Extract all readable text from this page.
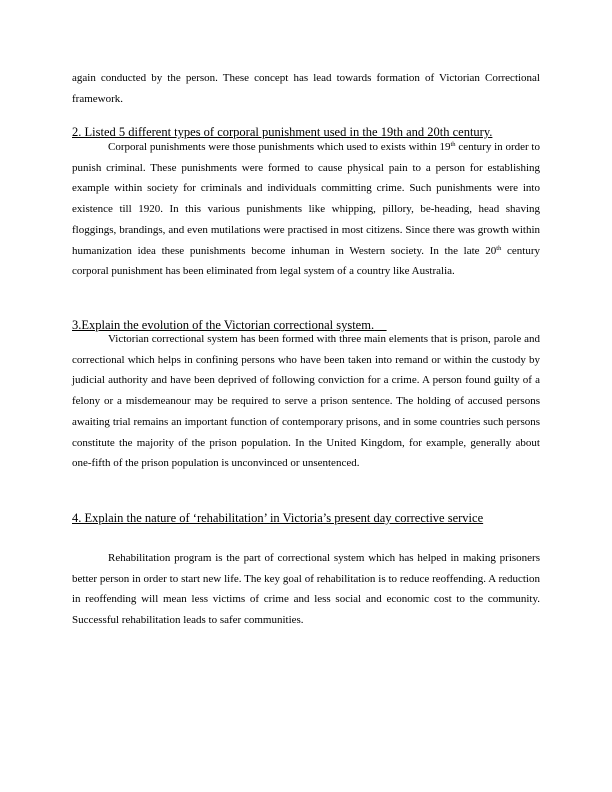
again conducted by the person. These concept has lead towards formation of Victorian Correctional framework.

2. Listed 5 different types of corporal punishment used in the 19th and 20th century.

Corporal punishments were those punishments which used to exists within 19th century in order to punish criminal. These punishments were formed to cause physical pain to a person for establishing example within society for criminals and individuals committing crime. Such punishments were into existence till 1920. In this various punishments like whipping, pillory, be-heading, head shaving floggings, brandings, and even mutilations were practised in most citizens. Since there was growth within humanization idea these punishments become inhuman in Western society. In the late 20th century corporal punishment has been eliminated from legal system of a country like Australia.

3.Explain the evolution of the Victorian correctional system.

Victorian correctional system has been formed with three main elements that is prison, parole and correctional which helps in confining persons who have been taken into remand or within the custody by judicial authority and have been deprived of following conviction for a crime. A person found guilty of a felony or a misdemeanour may be required to serve a prison sentence. The holding of accused persons awaiting trial remains an important function of contemporary prisons, and in some countries such persons constitute the majority of the prison population. In the United Kingdom, for example, generally about one-fifth of the prison population is unconvinced or unsentenced.

4. Explain the nature of ‘rehabilitation’ in Victoria’s present day corrective service

Rehabilitation program is the part of correctional system which has helped in making prisoners better person in order to start new life. The key goal of rehabilitation is to reduce reoffending. A reduction in reoffending will mean less victims of crime and less social and economic cost to the community. Successful rehabilitation leads to safer communities.
